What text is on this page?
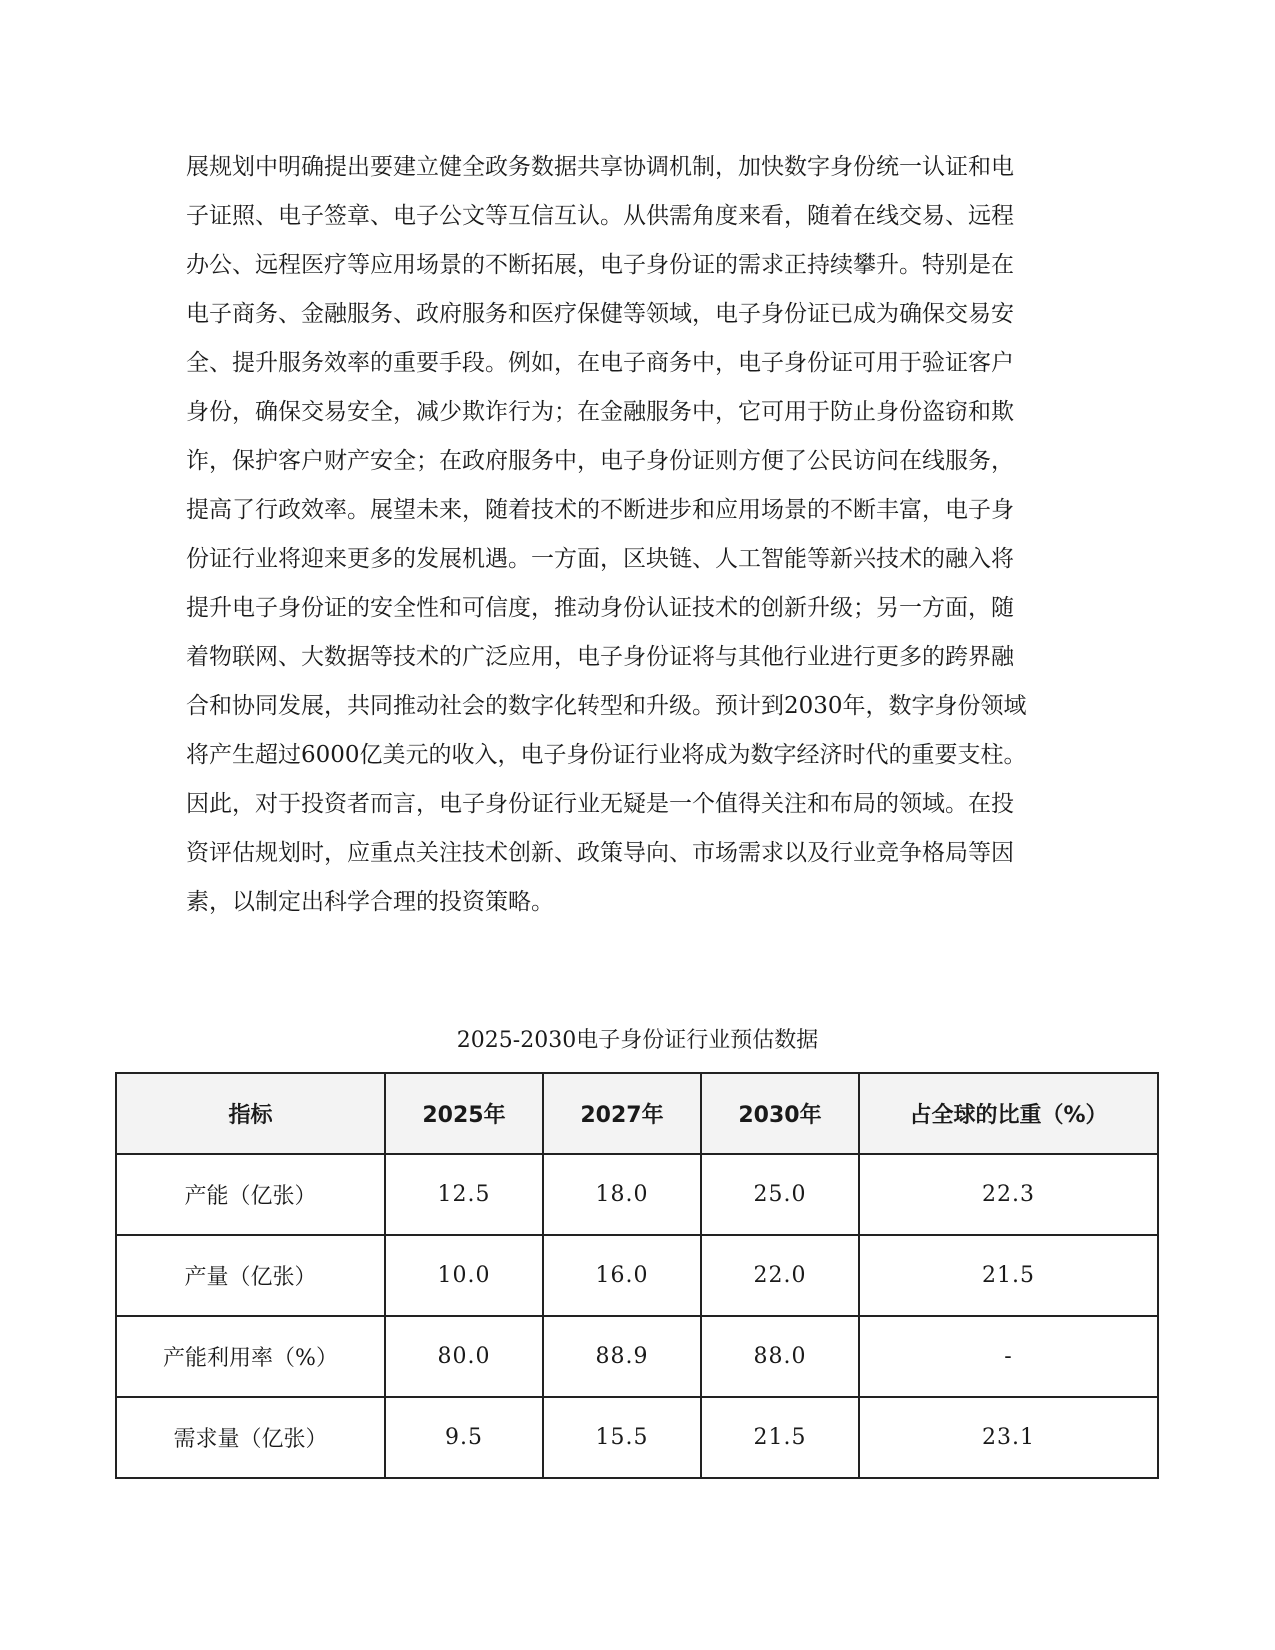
展规划中明确提出要建立健全政务数据共享协调机制，加快数字身份统一认证和电
子证照、电子签章、电子公文等互信互认。从供需角度来看，随着在线交易、远程
办公、远程医疗等应用场景的不断拓展，电子身份证的需求正持续攀升。特别是在
电子商务、金融服务、政府服务和医疗保健等领域，电子身份证已成为确保交易安
全、提升服务效率的重要手段。例如，在电子商务中，电子身份证可用于验证客户
身份，确保交易安全，减少欺诈行为；在金融服务中，它可用于防止身份盗窃和欺
诈，保护客户财产安全；在政府服务中，电子身份证则方便了公民访问在线服务，
提高了行政效率。展望未来，随着技术的不断进步和应用场景的不断丰富，电子身
份证行业将迎来更多的发展机遇。一方面，区块链、人工智能等新兴技术的融入将
提升电子身份证的安全性和可信度，推动身份认证技术的创新升级；另一方面，随
着物联网、大数据等技术的广泛应用，电子身份证将与其他行业进行更多的跨界融
合和协同发展，共同推动社会的数字化转型和升级。预计到2030年，数字身份领域
将产生超过6000亿美元的收入，电子身份证行业将成为数字经济时代的重要支柱。
因此，对于投资者而言，电子身份证行业无疑是一个值得关注和布局的领域。在投
资评估规划时，应重点关注技术创新、政策导向、市场需求以及行业竞争格局等因
素，以制定出科学合理的投资策略。

2025-2030电子身份证行业预估数据
指标	2025年	2027年	2030年	占全球的比重（%）
产能（亿张）	12.5	18.0	25.0	22.3
产量（亿张）	10.0	16.0	22.0	21.5
产能利用率（%）	80.0	88.9	88.0	-
需求量（亿张）	9.5	15.5	21.5	23.1
